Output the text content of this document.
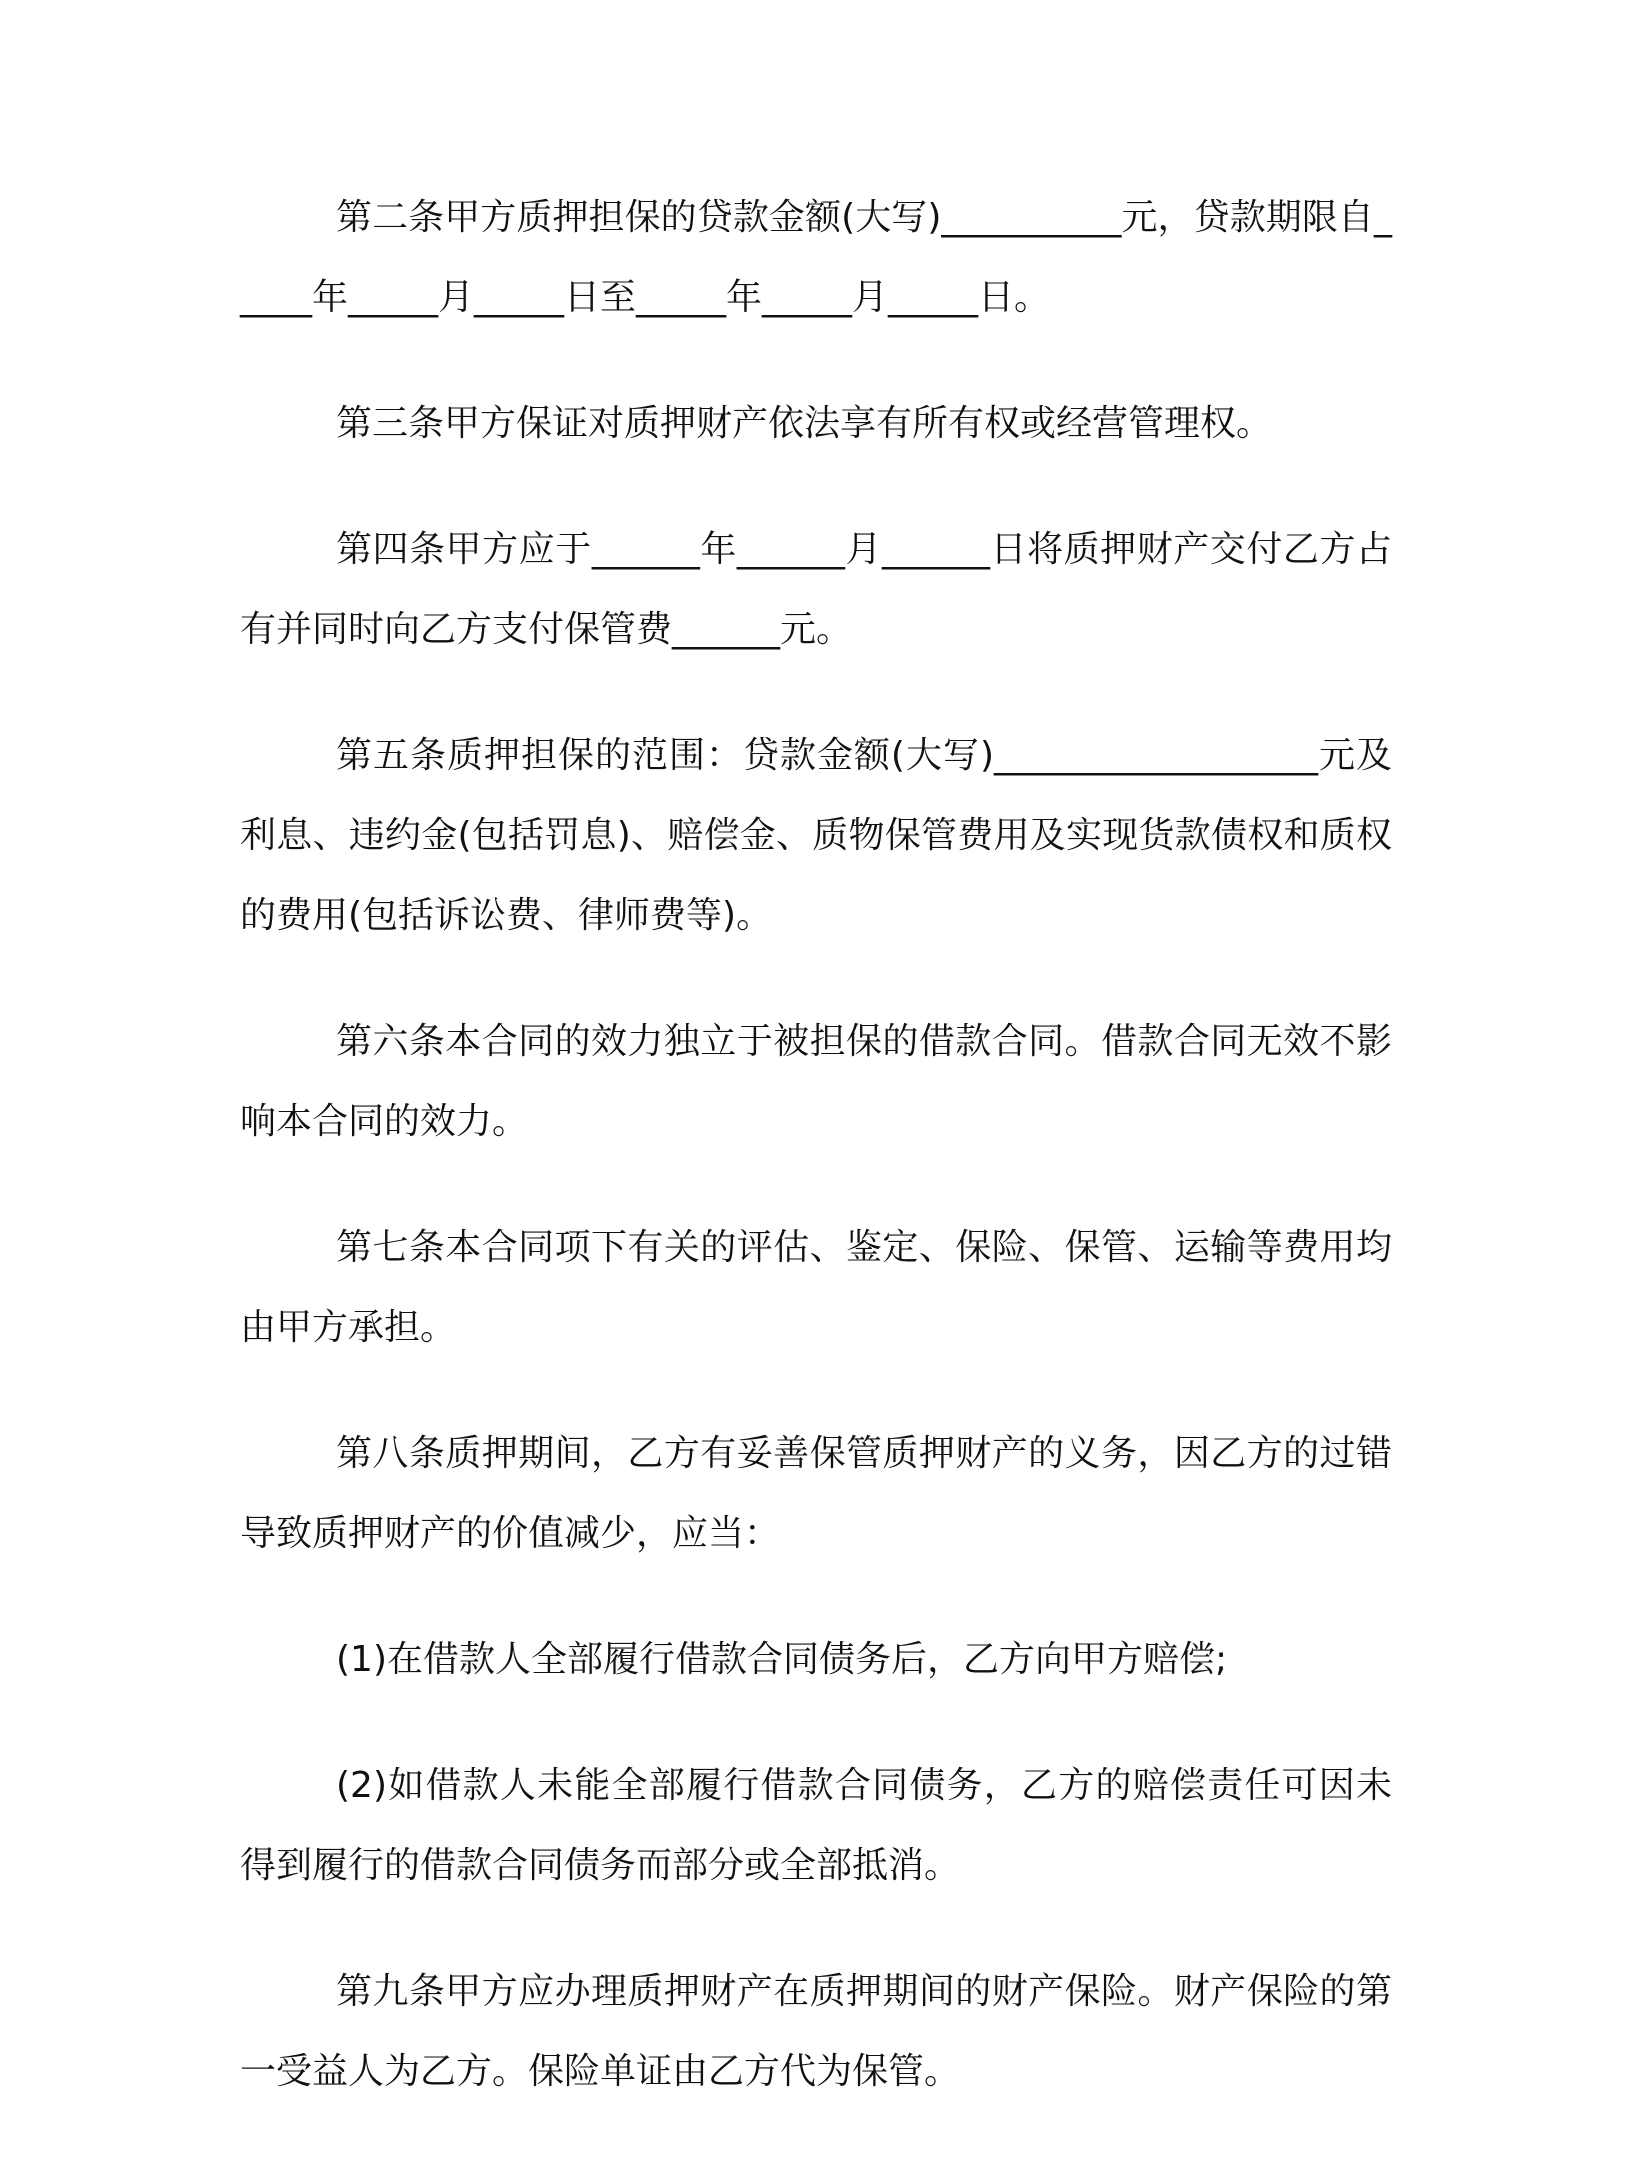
第二条甲方质押担保的贷款金额(大写)__________元，贷款期限自_____年_____月_____日至_____年_____月_____日。

第三条甲方保证对质押财产依法享有所有权或经营管理权。

第四条甲方应于______年______月______日将质押财产交付乙方占有并同时向乙方支付保管费______元。

第五条质押担保的范围：贷款金额(大写)__________________元及利息、违约金(包括罚息)、赔偿金、质物保管费用及实现货款债权和质权的费用(包括诉讼费、律师费等)。

第六条本合同的效力独立于被担保的借款合同。借款合同无效不影响本合同的效力。

第七条本合同项下有关的评估、鉴定、保险、保管、运输等费用均由甲方承担。

第八条质押期间，乙方有妥善保管质押财产的义务，因乙方的过错导致质押财产的价值减少，应当：

(1)在借款人全部履行借款合同债务后，乙方向甲方赔偿;

(2)如借款人未能全部履行借款合同债务，乙方的赔偿责任可因未得到履行的借款合同债务而部分或全部抵消。

第九条甲方应办理质押财产在质押期间的财产保险。财产保险的第一受益人为乙方。保险单证由乙方代为保管。
